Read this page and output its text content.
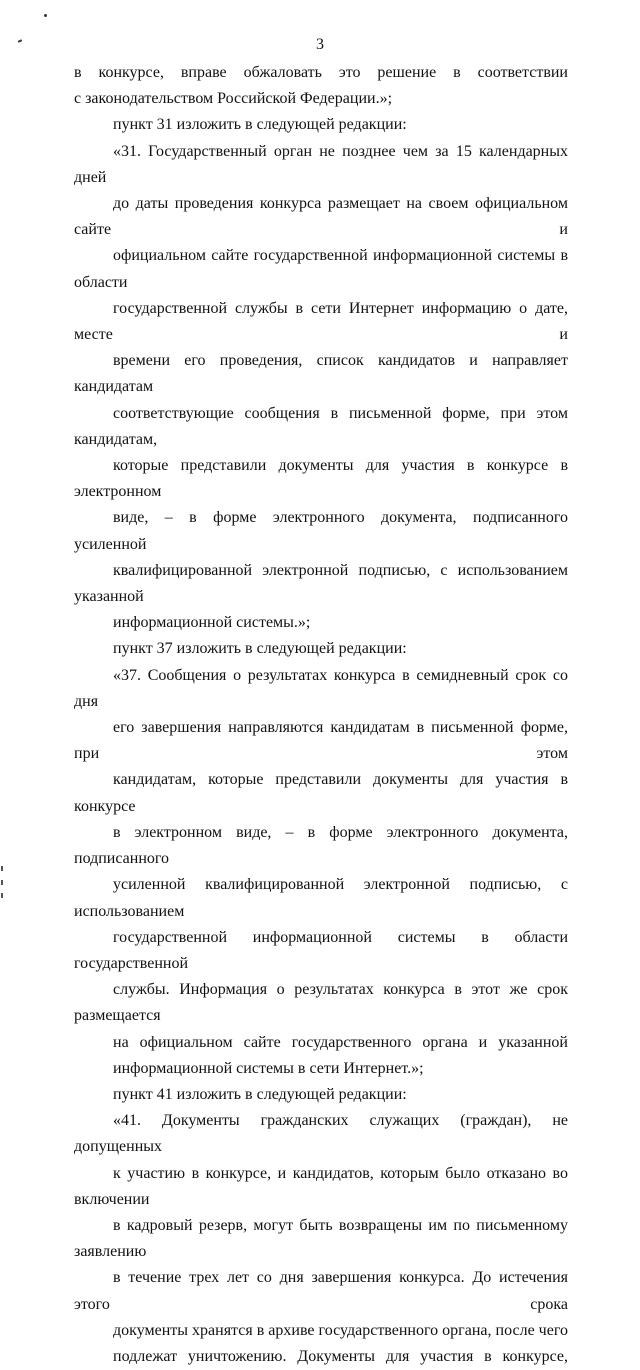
3

в конкурсе, вправе обжаловать это решение в соответствии
с законодательством Российской Федерации.»;

пункт 31 изложить в следующей редакции:

«31. Государственный орган не позднее чем за 15 календарных дней
до даты проведения конкурса размещает на своем официальном сайте и
официальном сайте государственной информационной системы в области
государственной службы в сети Интернет информацию о дате, месте и
времени его проведения, список кандидатов и направляет кандидатам
соответствующие сообщения в письменной форме, при этом кандидатам,
которые представили документы для участия в конкурсе в электронном
виде, – в форме электронного документа, подписанного усиленной
квалифицированной электронной подписью, с использованием указанной
информационной системы.»;

пункт 37 изложить в следующей редакции:

«37. Сообщения о результатах конкурса в семидневный срок со дня
его завершения направляются кандидатам в письменной форме, при этом
кандидатам, которые представили документы для участия в конкурсе
в электронном виде, – в форме электронного документа, подписанного
усиленной квалифицированной электронной подписью, с использованием
государственной информационной системы в области государственной
службы. Информация о результатах конкурса в этот же срок размещается
на официальном сайте государственного органа и указанной
информационной системы в сети Интернет.»;

пункт 41 изложить в следующей редакции:

«41. Документы гражданских служащих (граждан), не допущенных
к участию в конкурсе, и кандидатов, которым было отказано во включении
в кадровый резерв, могут быть возвращены им по письменному заявлению
в течение трех лет со дня завершения конкурса. До истечения этого срока
документы хранятся в архиве государственного органа, после чего
подлежат уничтожению. Документы для участия в конкурсе,
